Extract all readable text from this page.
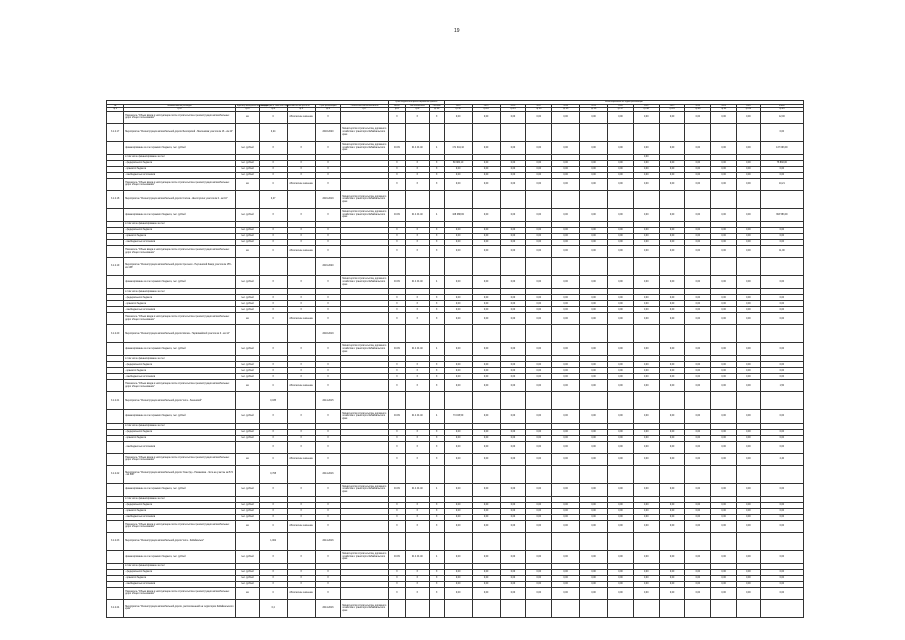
19
							Срок бюджетного финансирования проекта			Финансирование по годам реализации												
№	Наименование расходов	Единица измерения показателя	Коэффициент сметной стоимости	Источник расчёта	Срок реализации	Ответственный исполнитель	Всего	Уже выполнено	Остаток	2014	2015	2016	2017	2018	2019	2020	2021	2022	2023	2024	2025	Итого
гр.1	гр.2	гр.3	гр.4	гр.5	гр.6	гр.7	гр.8	гр.9	гр.10	гр.11	гр.12	гр.13	гр.14	гр.15	гр.16	гр.17	гр.18	гр.19	гр.20	гр.21	гр.22	гр.23
	Показатель "Объем ввода в эксплуатацию после строительства и реконструкции автомобильных дорог общего пользования"	км	0	Абсолютное значение	X		X	X	X	0,00	0,00	0,00	0,00	0,00	0,00	0,00	0,00	0,00	0,00	0,00	0,00	12,00
3.1.2.17	Мероприятие "Реконструкция автомобильной дороги Белоярский - Малиновка участок км 16 - км 24"		0,24		2018-2020	Министерство строительства, дорожного хозяйства и транспорта Забайкальского края																0,00
	финансирование за счет краевого бюджета, тыс. рублей	тыс. рублей	X	X	X	Министерство строительства, дорожного хозяйства и транспорта Забайкальского края	04 09	01 4 01 40	4	171 344,10	0,00	0,00	0,00	0,00	0,00	0,00	0,00	0,00	0,00	0,00	0,00	147 093,00
	в том числе финансирование за счет																0,00					
	- федерального бюджета	тыс. рублей	X	X	X		X	X	X	80 984,10	0,00	0,00	0,00	0,00	0,00	0,00	0,00	0,00	0,00	0,00	0,00	78 882,00
	- краевого бюджета	тыс. рублей	X	X	X		X	X	X	0,00	0,00	0,00	0,00	0,00	0,00	0,00	0,00	0,00	0,00	0,00	0,00	0,00
	- внебюджетных источников	тыс. рублей	X	X	X		X	X	X	0,00	0,00	0,00	0,00	0,00	0,00	0,00	0,00	0,00	0,00	0,00	0,00	0,00
	Показатель "Объем ввода в эксплуатацию после строительства и реконструкции автомобильных дорог общего пользования"	км	0	Абсолютное значение	X		X	X	X	0,00	0,00	0,00	0,00	0,00	0,00	0,00	0,00	0,00	0,00	0,00	0,00	10,21
3.1.2.18	Мероприятие "Реконструкция автомобильной дороги Кличка - Шелопугино участок км 0 - км 16"		0,47		2016-2019	Министерство строительства, дорожного хозяйства и транспорта Забайкальского края																
	финансирование за счет краевого бюджета, тыс. рублей	тыс. рублей	X	X	X	Министерство строительства, дорожного хозяйства и транспорта Забайкальского края	04 09	01 4 01 40	4	108 088,82	0,00	0,00	0,00	0,00	0,00	0,00	0,00	0,00	0,00	0,00	0,00	363 583,00
	в том числе финансирование за счет																					
	- федерального бюджета	тыс. рублей	X	X	X		X	X	X	0,00	0,00	0,00	0,00	0,00	0,00	0,00	0,00	0,00	0,00	0,00	0,00	0,00
	- краевого бюджета	тыс. рублей	X	X	X		X	X	X	0,00	0,00	0,00	0,00	0,00	0,00	0,00	0,00	0,00	0,00	0,00	0,00	0,00
	- внебюджетных источников	тыс. рублей	X	X	X		X	X	X	0,00	0,00	0,00	0,00	0,00	0,00	0,00	0,00	0,00	0,00	0,00	0,00	0,00
	Показатель "Объем ввода в эксплуатацию после строительства и реконструкции автомобильных дорог общего пользования"	км	0	Абсолютное значение	X		X	X	X	0,00	0,00	0,00	0,00	0,00	0,00	0,00	0,00	0,00	0,00	0,00	0,00	11,00
3.1.2.19	Мероприятие "Реконструкция автомобильной дороги Сретенск - Нерчинский Завод участок км 155 - км 166"				2016-2020																	
	финансирование за счет краевого бюджета, тыс. рублей	тыс. рублей	X	X	X	Министерство строительства, дорожного хозяйства и транспорта Забайкальского края	04 09	01 4 01 40	4	0,00	0,00	0,00	0,00	0,00	0,00	0,00	0,00	0,00	0,00	0,00	0,00	0,00
	в том числе финансирование за счет																					
	- федерального бюджета	тыс. рублей	X	X	X		X	X	X	0,00	0,00	0,00	0,00	0,00	0,00	0,00	0,00	0,00	0,00	0,00	0,00	0,00
	- краевого бюджета	тыс. рублей	X	X	X		X	X	X	0,00	0,00	0,00	0,00	0,00	0,00	0,00	0,00	0,00	0,00	0,00	0,00	0,00
	- внебюджетных источников	тыс. рублей	X	X	X		X	X	X	0,00	0,00	0,00	0,00	0,00	0,00	0,00	0,00	0,00	0,00	0,00	0,00	0,00
	Показатель "Объем ввода в эксплуатацию после строительства и реконструкции автомобильных дорог общего пользования"	км	0	Абсолютное значение	X		X	X	X	0,00	0,00	0,00	0,00	0,00	0,00	0,00	0,00	0,00	0,00	0,00	0,00	0,00
3.1.2.20	Мероприятие "Реконструкция автомобильной дороги Шилка - Первомайский участок км 0 - км 12"				2018-2019																	
	финансирование за счет краевого бюджета, тыс. рублей	тыс. рублей	X	X	X	Министерство строительства, дорожного хозяйства и транспорта Забайкальского края	04 09	01 4 01 40	4	0,00	0,00	0,00	0,00	0,00	0,00	0,00	0,00	0,00	0,00	0,00	0,00	0,00
	в том числе финансирование за счет																					
	- федерального бюджета	тыс. рублей	X	X	X		X	X	X	0,00	0,00	0,00	0,00	0,00	0,00	0,00	0,00	0,00	0,00	0,00	0,00	0,00
	- краевого бюджета	тыс. рублей	X	X	X		X	X	X	0,00	0,00	0,00	0,00	0,00	0,00	0,00	0,00	0,00	0,00	0,00	0,00	0,00
	- внебюджетных источников	тыс. рублей	X	X	X		X	X	X	0,00	0,00	0,00	0,00	0,00	0,00	0,00	0,00	0,00	0,00	0,00	0,00	0,00
	Показатель "Объем ввода в эксплуатацию после строительства и реконструкции автомобильных дорог общего пользования"	км	0	Абсолютное значение	X		X	X	X	0,00	0,00	0,00	0,00	0,00	0,00	0,00	0,00	0,00	0,00	0,00	0,00	1,50
3.1.2.21	Мероприятие "Реконструкция автомобильной дороги Чита - Ленинский"		0,035		2014-2015																	
	финансирование за счет краевого бюджета, тыс. рублей	тыс. рублей	X	X	X	Министерство строительства, дорожного хозяйства и транспорта Забайкальского края	04 09	01 4 01 40	4	73 015,59	0,00	0,00	0,00	0,00	0,00	0,00	0,00	0,00	0,00	0,00	0,00	0,00
	в том числе финансирование за счет																					
	- федерального бюджета	тыс. рублей	X	X	X		X	X	X	0,00	0,00	0,00	0,00	0,00	0,00	0,00	0,00	0,00	0,00	0,00	0,00	0,00
	- краевого бюджета	тыс. рублей	X	X	X		X	X	X	0,00	0,00	0,00	0,00	0,00	0,00	0,00	0,00	0,00	0,00	0,00	0,00	0,00
	- внебюджетных источников		X	X	X		X	X	X	0,00	0,00	0,00	0,00	0,00	0,00	0,00	0,00	0,00	0,00	0,00	0,00	0,00
	Показатель "Объем ввода в эксплуатацию после строительства и реконструкции автомобильных дорог общего пользования"	км	0	Абсолютное значение	X		X	X	X	0,00	0,00	0,00	0,00	0,00	0,00	0,00	0,00	0,00	0,00	0,00	0,00	2,40
3.1.2.22	Мероприятие "Реконструкция автомобильной дороги Улан-Удэ - Романовка - Чита на участке км 574 - км 590"		0,708		2014-2016																	
	финансирование за счет краевого бюджета, тыс. рублей	тыс. рублей	X	X	X	Министерство строительства, дорожного хозяйства и транспорта Забайкальского края	04 09	01 4 01 40	4	0,00	0,00	0,00	0,00	0,00	0,00	0,00	0,00	0,00	0,00	0,00	0,00	0,00
	в том числе финансирование за счет																					
	- федерального бюджета	тыс. рублей	X	X	X		X	X	X	0,00	0,00	0,00	0,00	0,00	0,00	0,00	0,00	0,00	0,00	0,00	0,00	0,00
	- краевого бюджета	тыс. рублей	X	X	X		X	X	X	0,00	0,00	0,00	0,00	0,00	0,00	0,00	0,00	0,00	0,00	0,00	0,00	0,00
	- внебюджетных источников	тыс. рублей	X	X	X		X	X	X	0,00	0,00	0,00	0,00	0,00	0,00	0,00	0,00	0,00	0,00	0,00	0,00	0,00
	Показатель "Объем ввода в эксплуатацию после строительства и реконструкции автомобильных дорог общего пользования"	км	0	Абсолютное значение	X		X	X	X	0,00	0,00	0,00	0,00	0,00	0,00	0,00	0,00	0,00	0,00	0,00	0,00	0,00
3.1.2.23	Мероприятие "Реконструкция автомобильной дороги Чита - Забайкальск"		1,002		2014-2016																	
	финансирование за счет краевого бюджета, тыс. рублей	тыс. рублей	X	X	X	Министерство строительства, дорожного хозяйства и транспорта Забайкальского края	04 09	01 4 01 40	4	0,00	0,00	0,00	0,00	0,00	0,00	0,00	0,00	0,00	0,00	0,00	0,00	0,00
	в том числе финансирование за счет																					
	- федерального бюджета	тыс. рублей	X	X	X		X	X	X	0,00	0,00	0,00	0,00	0,00	0,00	0,00	0,00	0,00	0,00	0,00	0,00	0,00
	- краевого бюджета	тыс. рублей	X	X	X		X	X	X	0,00	0,00	0,00	0,00	0,00	0,00	0,00	0,00	0,00	0,00	0,00	0,00	0,00
	- внебюджетных источников	тыс. рублей	X	X	X		X	X	X	0,00	0,00	0,00	0,00	0,00	0,00	0,00	0,00	0,00	0,00	0,00	0,00	0,00
	Показатель "Объем ввода в эксплуатацию после строительства и реконструкции автомобильных дорог общего пользования"	км	0	Абсолютное значение	X		X	X	X	0,00	0,00	0,00	0,00	0,00	0,00	0,00	0,00	0,00	0,00	0,00	0,00	0,00
3.1.2.24	Мероприятие "Реконструкция автомобильной дороги, расположенной на территории Забайкальского края"		0,4		2014-2016	Министерство строительства, дорожного хозяйства и транспорта Забайкальского края																
